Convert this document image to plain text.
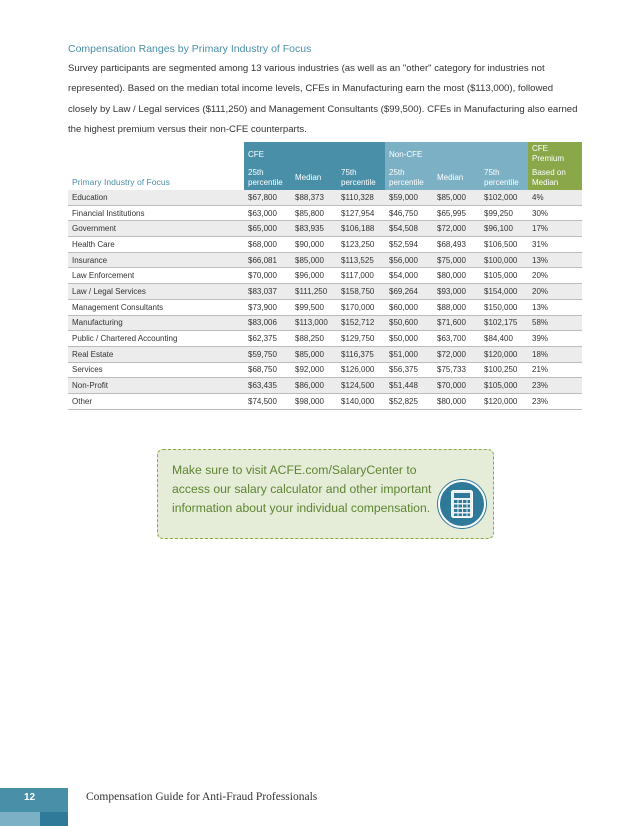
Compensation Ranges by Primary Industry of Focus
Survey participants are segmented among 13 various industries (as well as an "other" category for industries not represented). Based on the median total income levels, CFEs in Manufacturing earn the most ($113,000), followed closely by Law / Legal services ($111,250) and Management Consultants ($99,500). CFEs in Manufacturing also earned the highest premium versus their non-CFE counterparts.
Primary Industry of Focus	CFE			Non-CFE			CFE Premium
	25th percentile	Median	75th percentile	25th percentile	Median	75th percentile	Based on Median
Education	$67,800	$88,373	$110,328	$59,000	$85,000	$102,000	4%
Financial Institutions	$63,000	$85,800	$127,954	$46,750	$65,995	$99,250	30%
Government	$65,000	$83,935	$106,188	$54,508	$72,000	$96,100	17%
Health Care	$68,000	$90,000	$123,250	$52,594	$68,493	$106,500	31%
Insurance	$66,081	$85,000	$113,525	$56,000	$75,000	$100,000	13%
Law Enforcement	$70,000	$96,000	$117,000	$54,000	$80,000	$105,000	20%
Law / Legal Services	$83,037	$111,250	$158,750	$69,264	$93,000	$154,000	20%
Management Consultants	$73,900	$99,500	$170,000	$60,000	$88,000	$150,000	13%
Manufacturing	$83,006	$113,000	$152,712	$50,600	$71,600	$102,175	58%
Public / Chartered Accounting	$62,375	$88,250	$129,750	$50,000	$63,700	$84,400	39%
Real Estate	$59,750	$85,000	$116,375	$51,000	$72,000	$120,000	18%
Services	$68,750	$92,000	$126,000	$56,375	$75,733	$100,250	21%
Non-Profit	$63,435	$86,000	$124,500	$51,448	$70,000	$105,000	23%
Other	$74,500	$98,000	$140,000	$52,825	$80,000	$120,000	23%
Make sure to visit ACFE.com/SalaryCenter to access our salary calculator and other important information about your individual compensation.
12	Compensation Guide for Anti-Fraud Professionals
